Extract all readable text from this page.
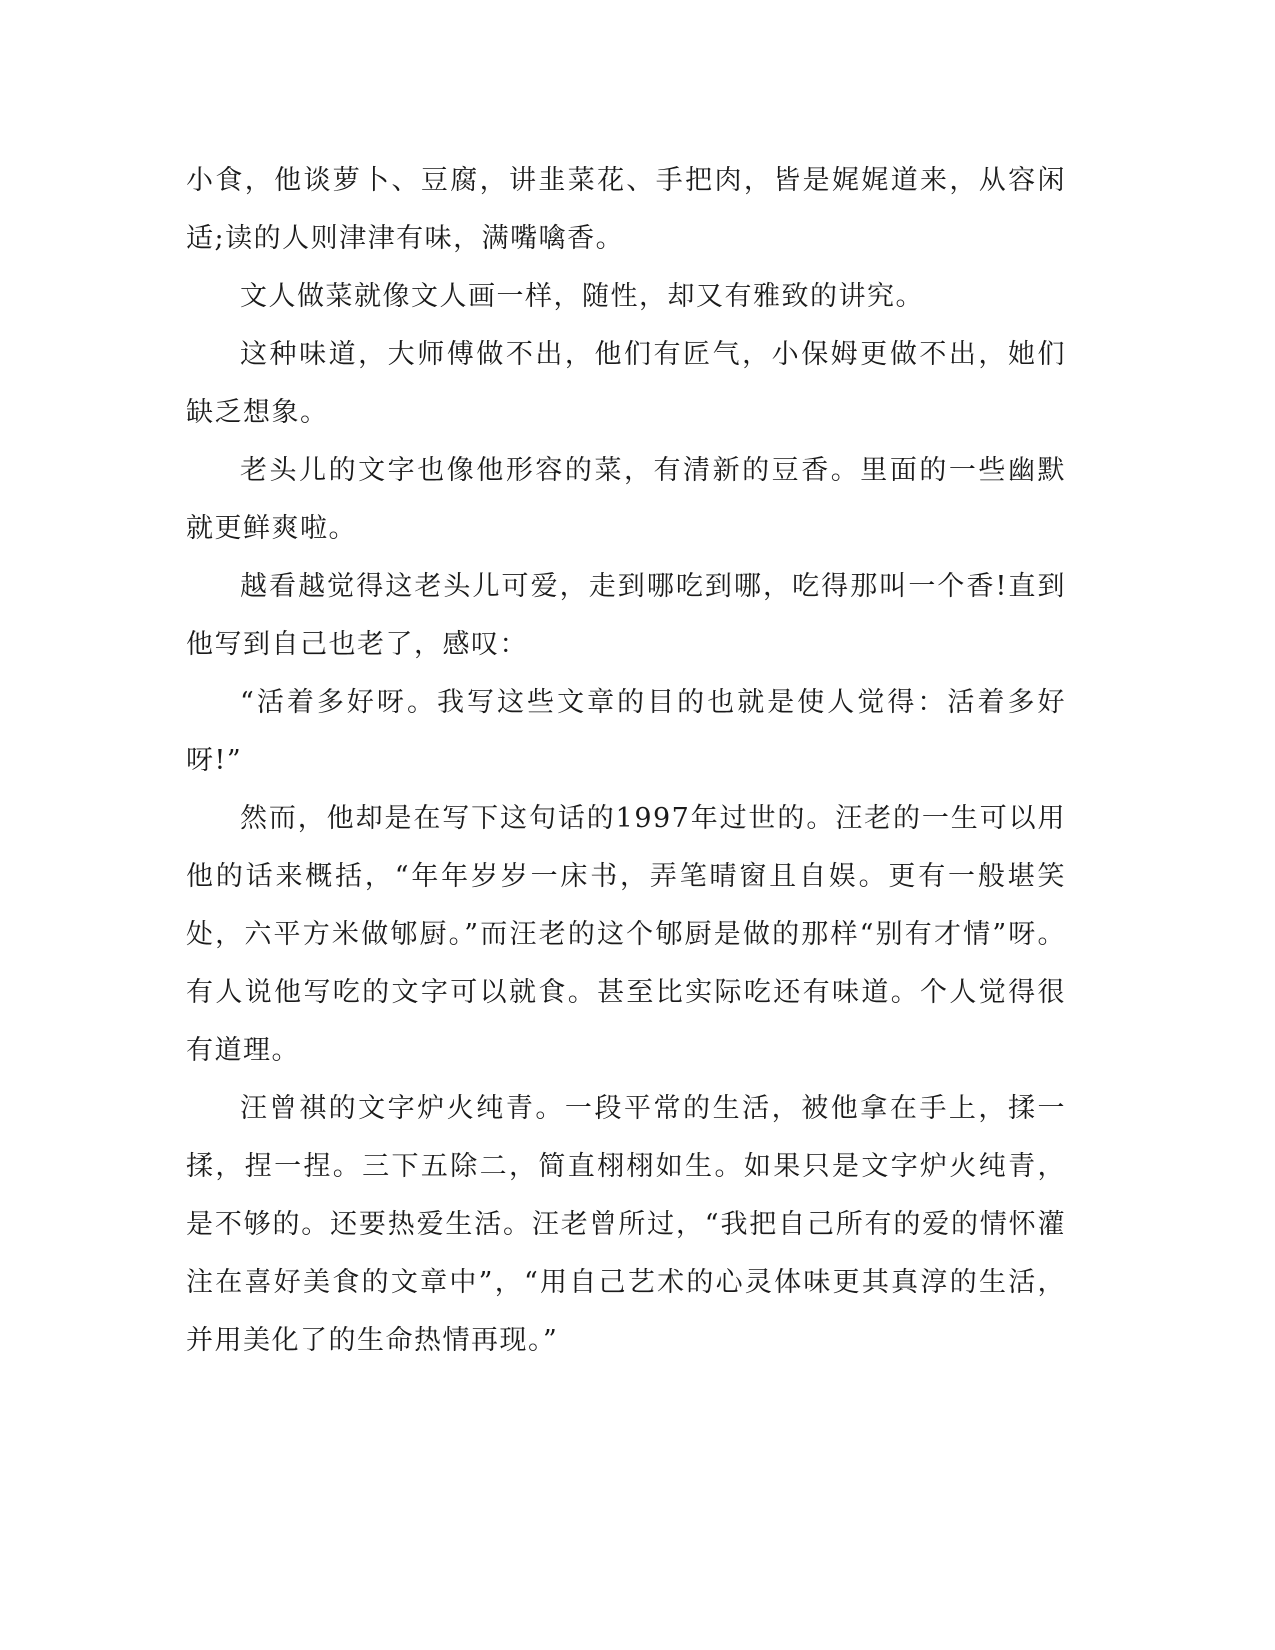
小食，他谈萝卜、豆腐，讲韭菜花、手把肉，皆是娓娓道来，从容闲适;读的人则津津有味，满嘴噙香。

文人做菜就像文人画一样，随性，却又有雅致的讲究。

这种味道，大师傅做不出，他们有匠气，小保姆更做不出，她们缺乏想象。

老头儿的文字也像他形容的菜，有清新的豆香。里面的一些幽默就更鲜爽啦。

越看越觉得这老头儿可爱，走到哪吃到哪，吃得那叫一个香!直到他写到自己也老了，感叹：

“活着多好呀。我写这些文章的目的也就是使人觉得：活着多好呀!”

然而，他却是在写下这句话的1997年过世的。汪老的一生可以用他的话来概括，“年年岁岁一床书，弄笔晴窗且自娱。更有一般堪笑处，六平方米做郇厨。”而汪老的这个郇厨是做的那样“别有才情”呀。有人说他写吃的文字可以就食。甚至比实际吃还有味道。个人觉得很有道理。

汪曾祺的文字炉火纯青。一段平常的生活，被他拿在手上，揉一揉，捏一捏。三下五除二，简直栩栩如生。如果只是文字炉火纯青，是不够的。还要热爱生活。汪老曾所过，“我把自己所有的爱的情怀灌注在喜好美食的文章中”，“用自己艺术的心灵体味更其真淳的生活，并用美化了的生命热情再现。”
